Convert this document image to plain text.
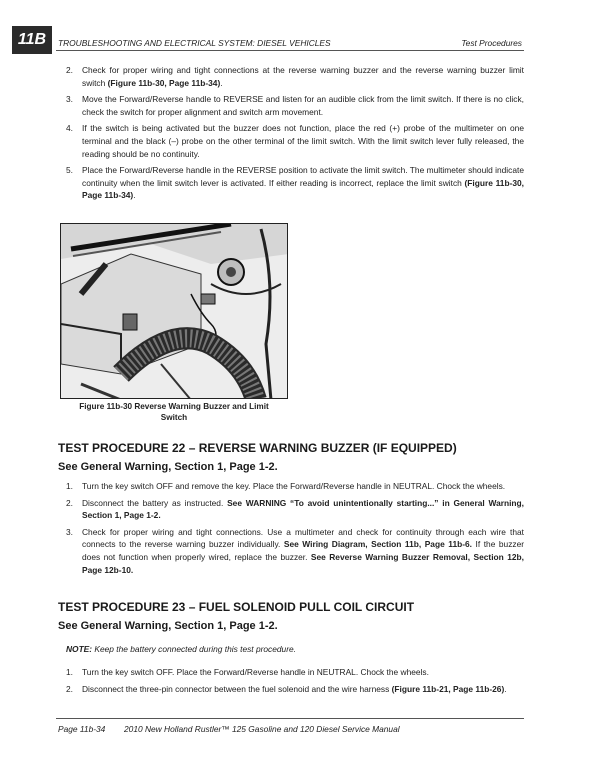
11B	TROUBLESHOOTING AND ELECTRICAL SYSTEM: DIESEL VEHICLES	Test Procedures
2. Check for proper wiring and tight connections at the reverse warning buzzer and the reverse warning buzzer limit switch (Figure 11b-30, Page 11b-34).
3. Move the Forward/Reverse handle to REVERSE and listen for an audible click from the limit switch. If there is no click, check the switch for proper alignment and switch arm movement.
4. If the switch is being activated but the buzzer does not function, place the red (+) probe of the multimeter on one terminal and the black (–) probe on the other terminal of the limit switch. With the limit switch lever fully released, the reading should be no continuity.
5. Place the Forward/Reverse handle in the REVERSE position to activate the limit switch. The multimeter should indicate continuity when the limit switch lever is activated. If either reading is incorrect, replace the limit switch (Figure 11b-30, Page 11b-34).
Figure 11b-30 Reverse Warning Buzzer and Limit
Switch
TEST PROCEDURE 22 – REVERSE WARNING BUZZER (IF EQUIPPED)
See General Warning, Section 1, Page 1-2.
1. Turn the key switch OFF and remove the key. Place the Forward/Reverse handle in NEUTRAL. Chock the wheels.
2. Disconnect the battery as instructed. See WARNING “To avoid unintentionally starting...” in General Warning, Section 1, Page 1-2.
3. Check for proper wiring and tight connections. Use a multimeter and check for continuity through each wire that connects to the reverse warning buzzer individually. See Wiring Diagram, Section 11b, Page 11b-6. If the buzzer does not function when properly wired, replace the buzzer. See Reverse Warning Buzzer Removal, Section 12b, Page 12b-10.
TEST PROCEDURE 23 – FUEL SOLENOID PULL COIL CIRCUIT
See General Warning, Section 1, Page 1-2.
NOTE: Keep the battery connected during this test procedure.
1. Turn the key switch OFF. Place the Forward/Reverse handle in NEUTRAL. Chock the wheels.
2. Disconnect the three-pin connector between the fuel solenoid and the wire harness (Figure 11b-21, Page 11b-26).
Page 11b-34 2010 New Holland Rustler™ 125 Gasoline and 120 Diesel Service Manual
